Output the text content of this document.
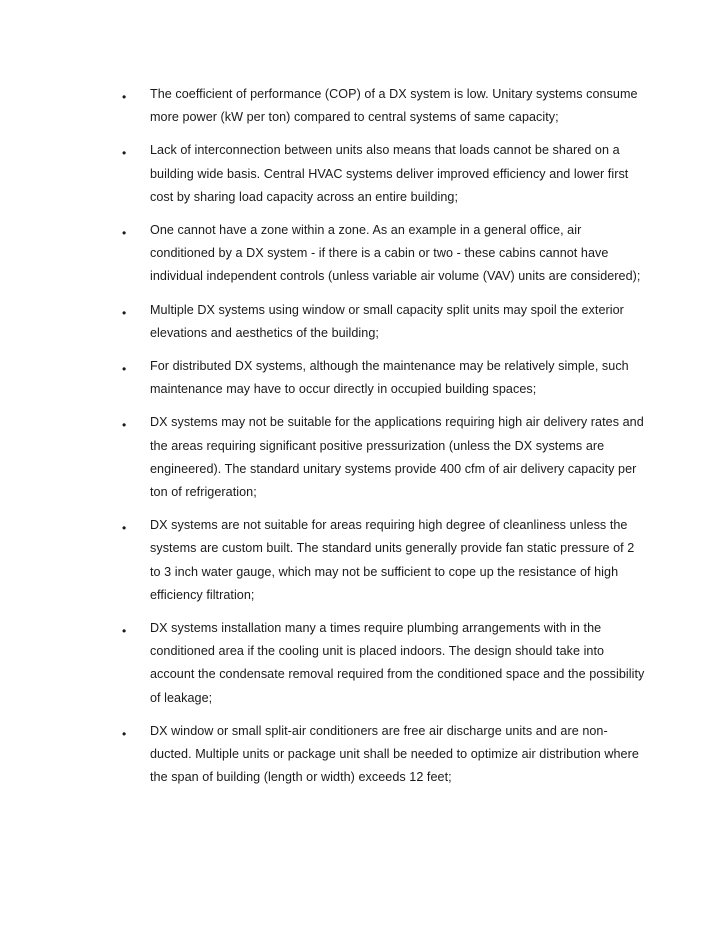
• The coefficient of performance (COP) of a DX system is low. Unitary systems consume more power (kW per ton) compared to central systems of same capacity;
• Lack of interconnection between units also means that loads cannot be shared on a building wide basis. Central HVAC systems deliver improved efficiency and lower first cost by sharing load capacity across an entire building;
• One cannot have a zone within a zone. As an example in a general office, air conditioned by a DX system - if there is a cabin or two - these cabins cannot have individual independent controls (unless variable air volume (VAV) units are considered);
• Multiple DX systems using window or small capacity split units may spoil the exterior elevations and aesthetics of the building;
• For distributed DX systems, although the maintenance may be relatively simple, such maintenance may have to occur directly in occupied building spaces;
• DX systems may not be suitable for the applications requiring high air delivery rates and the areas requiring significant positive pressurization (unless the DX systems are engineered). The standard unitary systems provide 400 cfm of air delivery capacity per ton of refrigeration;
• DX systems are not suitable for areas requiring high degree of cleanliness unless the systems are custom built. The standard units generally provide fan static pressure of 2 to 3 inch water gauge, which may not be sufficient to cope up the resistance of high efficiency filtration;
• DX systems installation many a times require plumbing arrangements with in the conditioned area if the cooling unit is placed indoors. The design should take into account the condensate removal required from the conditioned space and the possibility of leakage;
• DX window or small split-air conditioners are free air discharge units and are non-ducted. Multiple units or package unit shall be needed to optimize air distribution where the span of building (length or width) exceeds 12 feet;
